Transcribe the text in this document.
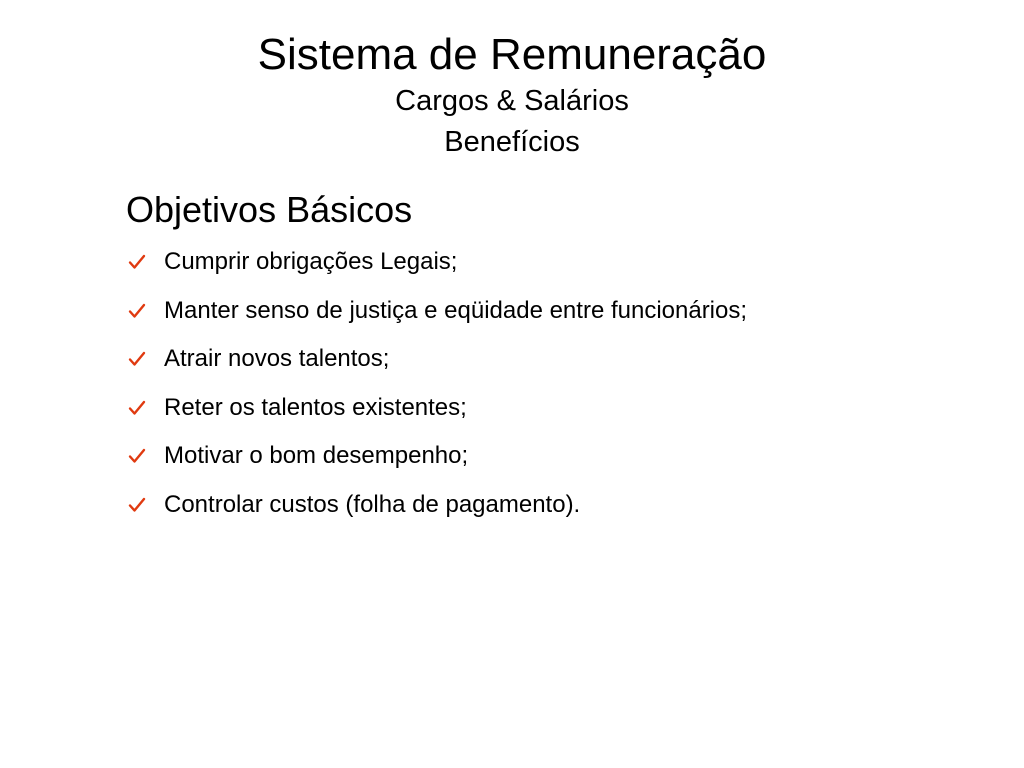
Sistema de Remuneração
Cargos & Salários
Benefícios
Objetivos Básicos
Cumprir obrigações Legais;
Manter senso de justiça e eqüidade entre funcionários;
Atrair novos talentos;
Reter os talentos existentes;
Motivar o bom desempenho;
Controlar custos (folha de pagamento).
